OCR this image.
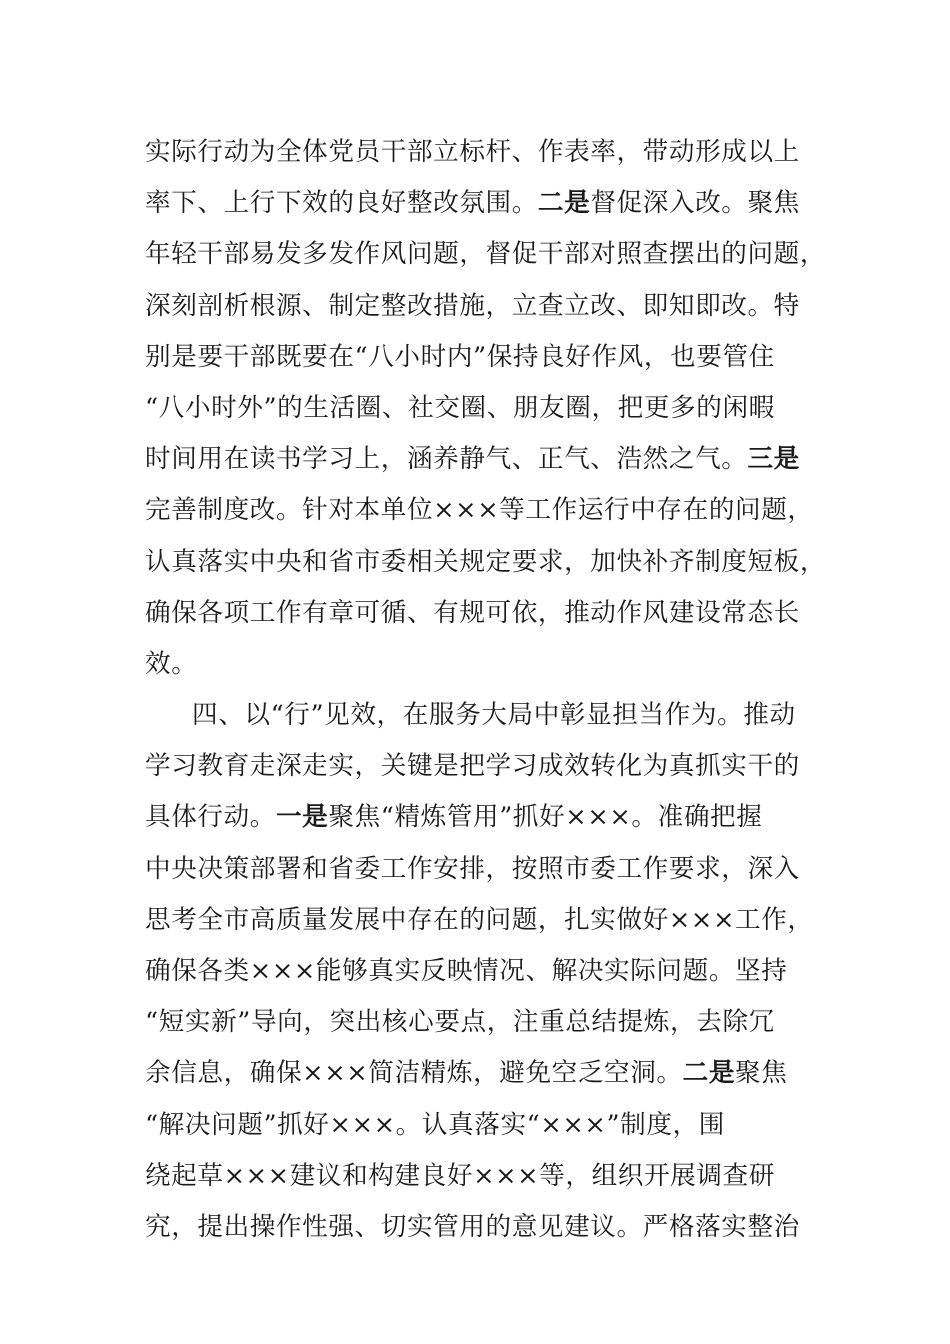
实际行动为全体党员干部立标杆、作表率，带动形成以上
率下、上行下效的良好整改氛围。二是督促深入改。聚焦
年轻干部易发多发作风问题，督促干部对照查摆出的问题，
深刻剖析根源、制定整改措施，立查立改、即知即改。特
别是要干部既要在“八小时内”保持良好作风，也要管住
“八小时外”的生活圈、社交圈、朋友圈，把更多的闲暇
时间用在读书学习上，涵养静气、正气、浩然之气。三是
完善制度改。针对本单位×××等工作运行中存在的问题，
认真落实中央和省市委相关规定要求，加快补齐制度短板，
确保各项工作有章可循、有规可依，推动作风建设常态长
效。
四、以“行”见效，在服务大局中彰显担当作为。推动
学习教育走深走实，关键是把学习成效转化为真抓实干的
具体行动。一是聚焦“精炼管用”抓好×××。准确把握
中央决策部署和省委工作安排，按照市委工作要求，深入
思考全市高质量发展中存在的问题，扎实做好×××工作，
确保各类×××能够真实反映情况、解决实际问题。坚持
“短实新”导向，突出核心要点，注重总结提炼，去除冗
余信息，确保×××简洁精炼，避免空乏空洞。二是聚焦
“解决问题”抓好×××。认真落实“×××”制度，围
绕起草×××建议和构建良好×××等，组织开展调查研
究，提出操作性强、切实管用的意见建议。严格落实整治
